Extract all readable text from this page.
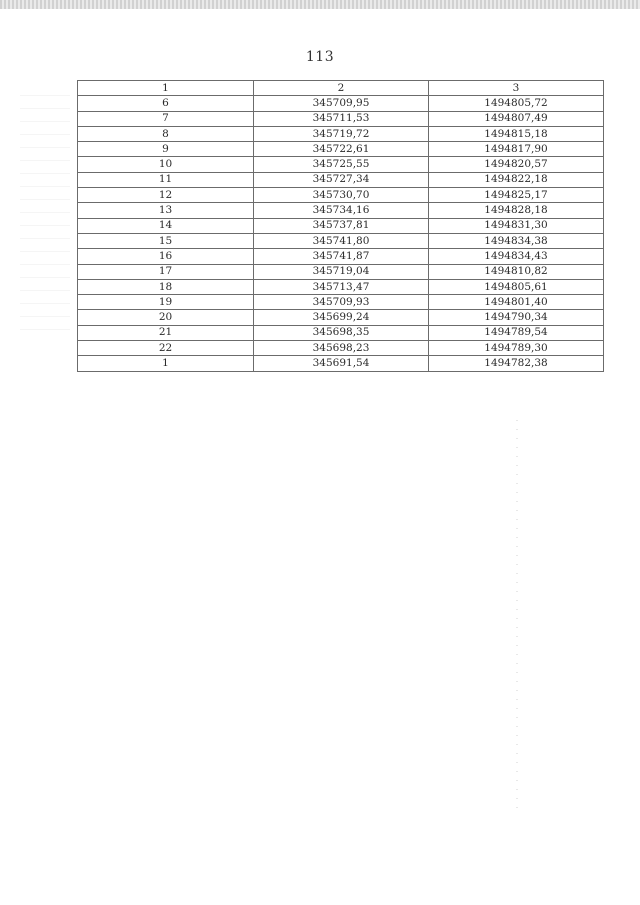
113
1	2	3
6	345709,95	1494805,72
7	345711,53	1494807,49
8	345719,72	1494815,18
9	345722,61	1494817,90
10	345725,55	1494820,57
11	345727,34	1494822,18
12	345730,70	1494825,17
13	345734,16	1494828,18
14	345737,81	1494831,30
15	345741,80	1494834,38
16	345741,87	1494834,43
17	345719,04	1494810,82
18	345713,47	1494805,61
19	345709,93	1494801,40
20	345699,24	1494790,34
21	345698,35	1494789,54
22	345698,23	1494789,30
1	345691,54	1494782,38
